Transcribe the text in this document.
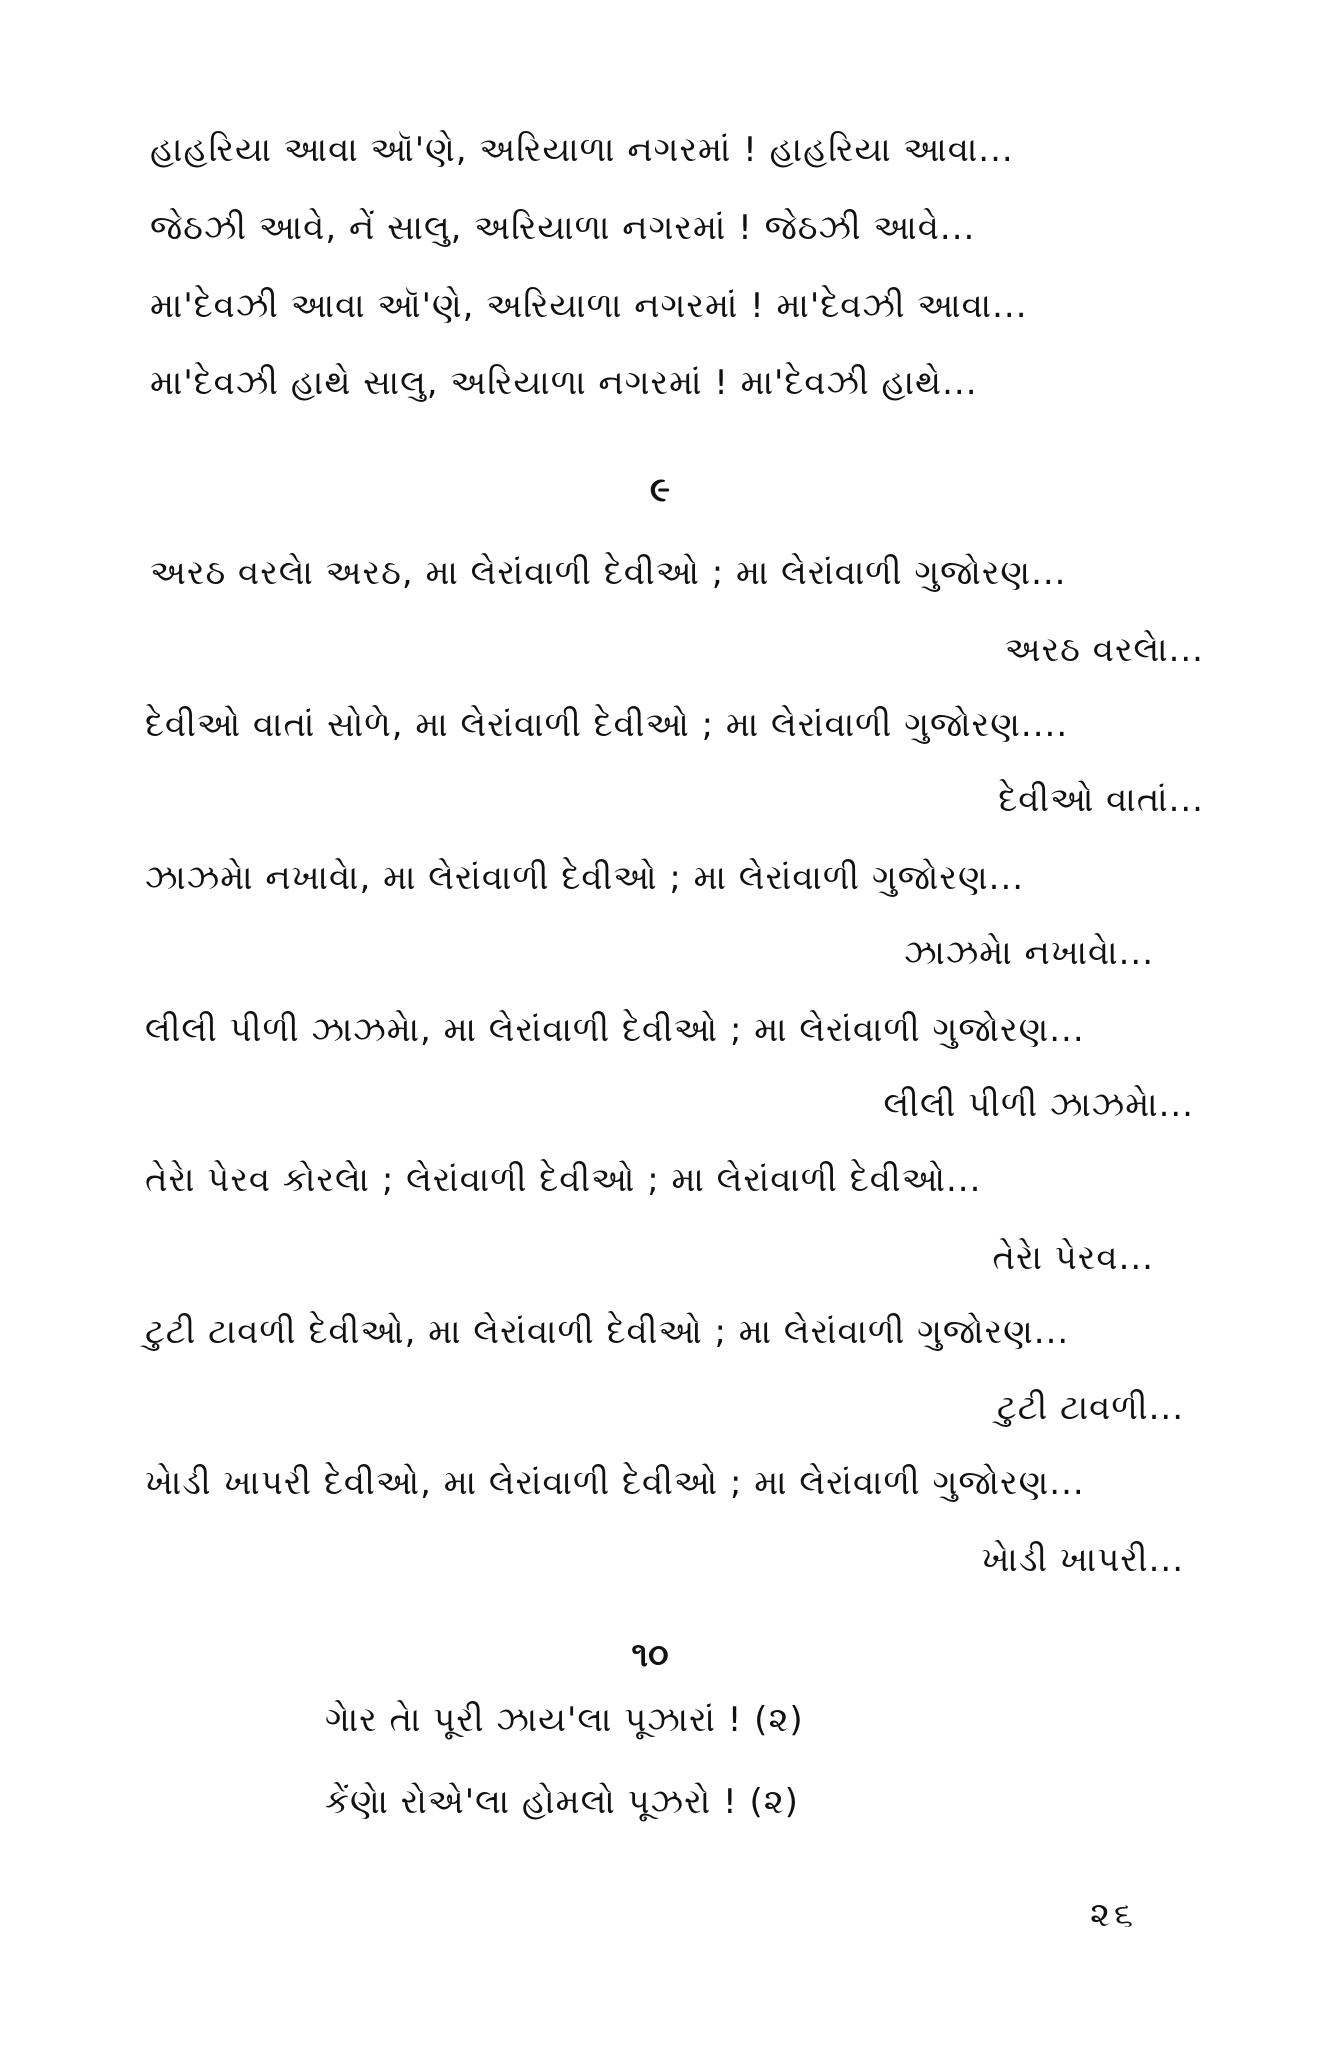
હાહરિયા આવા ઑ'ણે, અરિયાળા નગરમાં ! હાહરિયા આવા...
જેઠઝી આવે, નેં સાલુ, અરિયાળા નગરમાં ! જેઠઝી આવે...
મા'દેવઝી આવા ઑ'ણે, અરિયાળા નગરમાં ! મા'દેવઝી આવા...
મા'દેવઝી હાથે સાલુ, અરિયાળા નગરમાં ! મા'દેવઝી હાથે...
૯
અરઠ વરલેા અરઠ, મા લેરાંવાળી દેવીઓ ; મા લેરાંવાળી ગુજોરણ...
અરઠ વરલેા...
દેવીઓ વાતાં સોળે, મા લેરાંવાળી દેવીઓ ; મા લેરાંવાળી ગુજોરણ....
દેવીઓ વાતાં...
ઝાઝમેા નખાવેા, મા લેરાંવાળી દેવીઓ ; મા લેરાંવાળી ગુજોરણ...
ઝાઝમેા નખાવેા...
લીલી પીળી ઝાઝમેા, મા લેરાંવાળી દેવીઓ ; મા લેરાંવાળી ગુજોરણ...
લીલી પીળી ઝાઝમેા...
તેરેા પેરવ કોરલેા ; લેરાંવાળી દેવીઓ ; મા લેરાંવાળી દેવીઓ...
તેરેા પેરવ...
ટુટી ટાવળી દેવીઓ, મા લેરાંવાળી દેવીઓ ; મા લેરાંવાળી ગુજોરણ...
ટુટી ટાવળી...
ખેાડી ખાપરી દેવીઓ, મા લેરાંવાળી દેવીઓ ; મા લેરાંવાળી ગુજોરણ...
ખેાડી ખાપરી...
૧૦
ગેાર તેા પૂરી ઝાય'લા પૂઝારાં ! (૨)
કેંણેા રોએ'લા હોમલો પૂઝરો ! (૨)
૨૬
